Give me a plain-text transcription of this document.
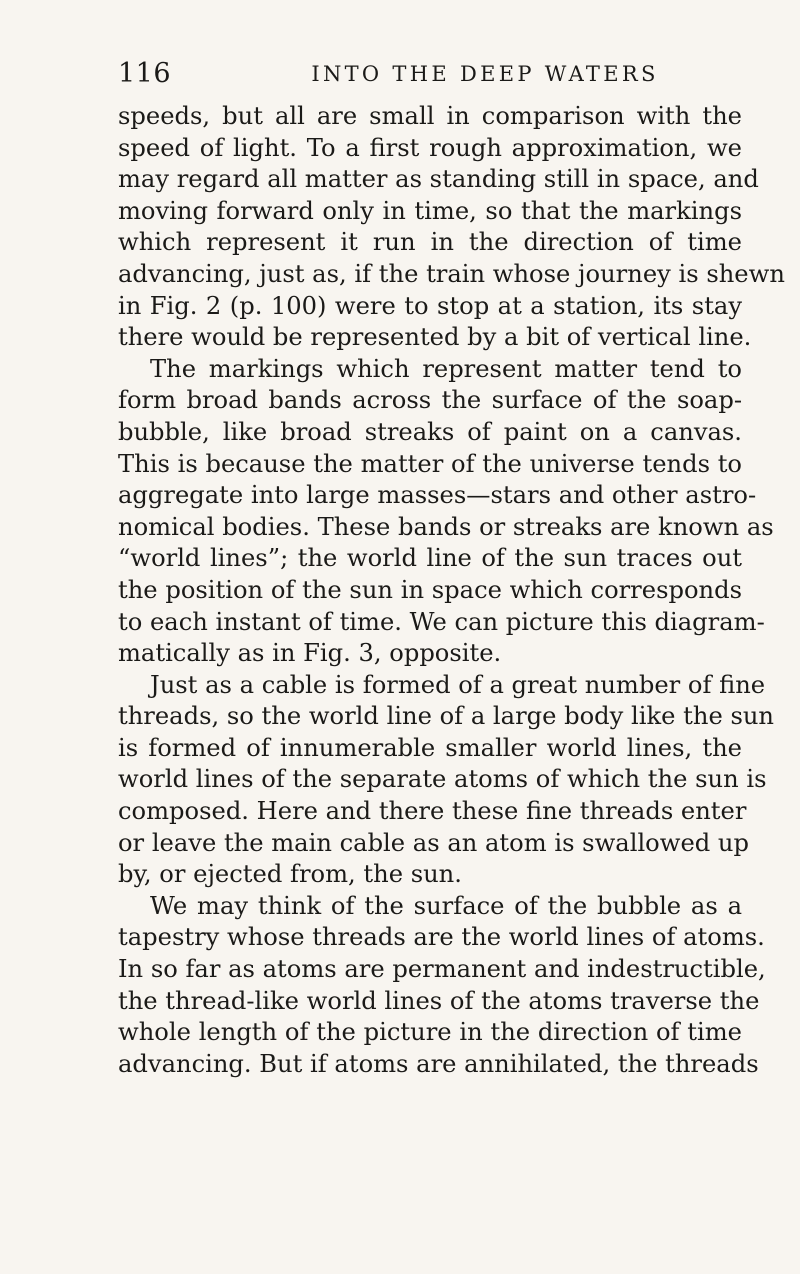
116	INTO THE DEEP WATERS
speeds, but all are small in comparison with the
speed of light. To a first rough approximation, we
may regard all matter as standing still in space, and
moving forward only in time, so that the markings
which represent it run in the direction of time
advancing, just as, if the train whose journey is shewn
in Fig. 2 (p. 100) were to stop at a station, its stay
there would be represented by a bit of vertical line.
The markings which represent matter tend to
form broad bands across the surface of the soap-
bubble, like broad streaks of paint on a canvas.
This is because the matter of the universe tends to
aggregate into large masses—stars and other astro-
nomical bodies. These bands or streaks are known as
“world lines”; the world line of the sun traces out
the position of the sun in space which corresponds
to each instant of time. We can picture this diagram-
matically as in Fig. 3, opposite.
Just as a cable is formed of a great number of fine
threads, so the world line of a large body like the sun
is formed of innumerable smaller world lines, the
world lines of the separate atoms of which the sun is
composed. Here and there these fine threads enter
or leave the main cable as an atom is swallowed up
by, or ejected from, the sun.
We may think of the surface of the bubble as a
tapestry whose threads are the world lines of atoms.
In so far as atoms are permanent and indestructible,
the thread-like world lines of the atoms traverse the
whole length of the picture in the direction of time
advancing. But if atoms are annihilated, the threads
